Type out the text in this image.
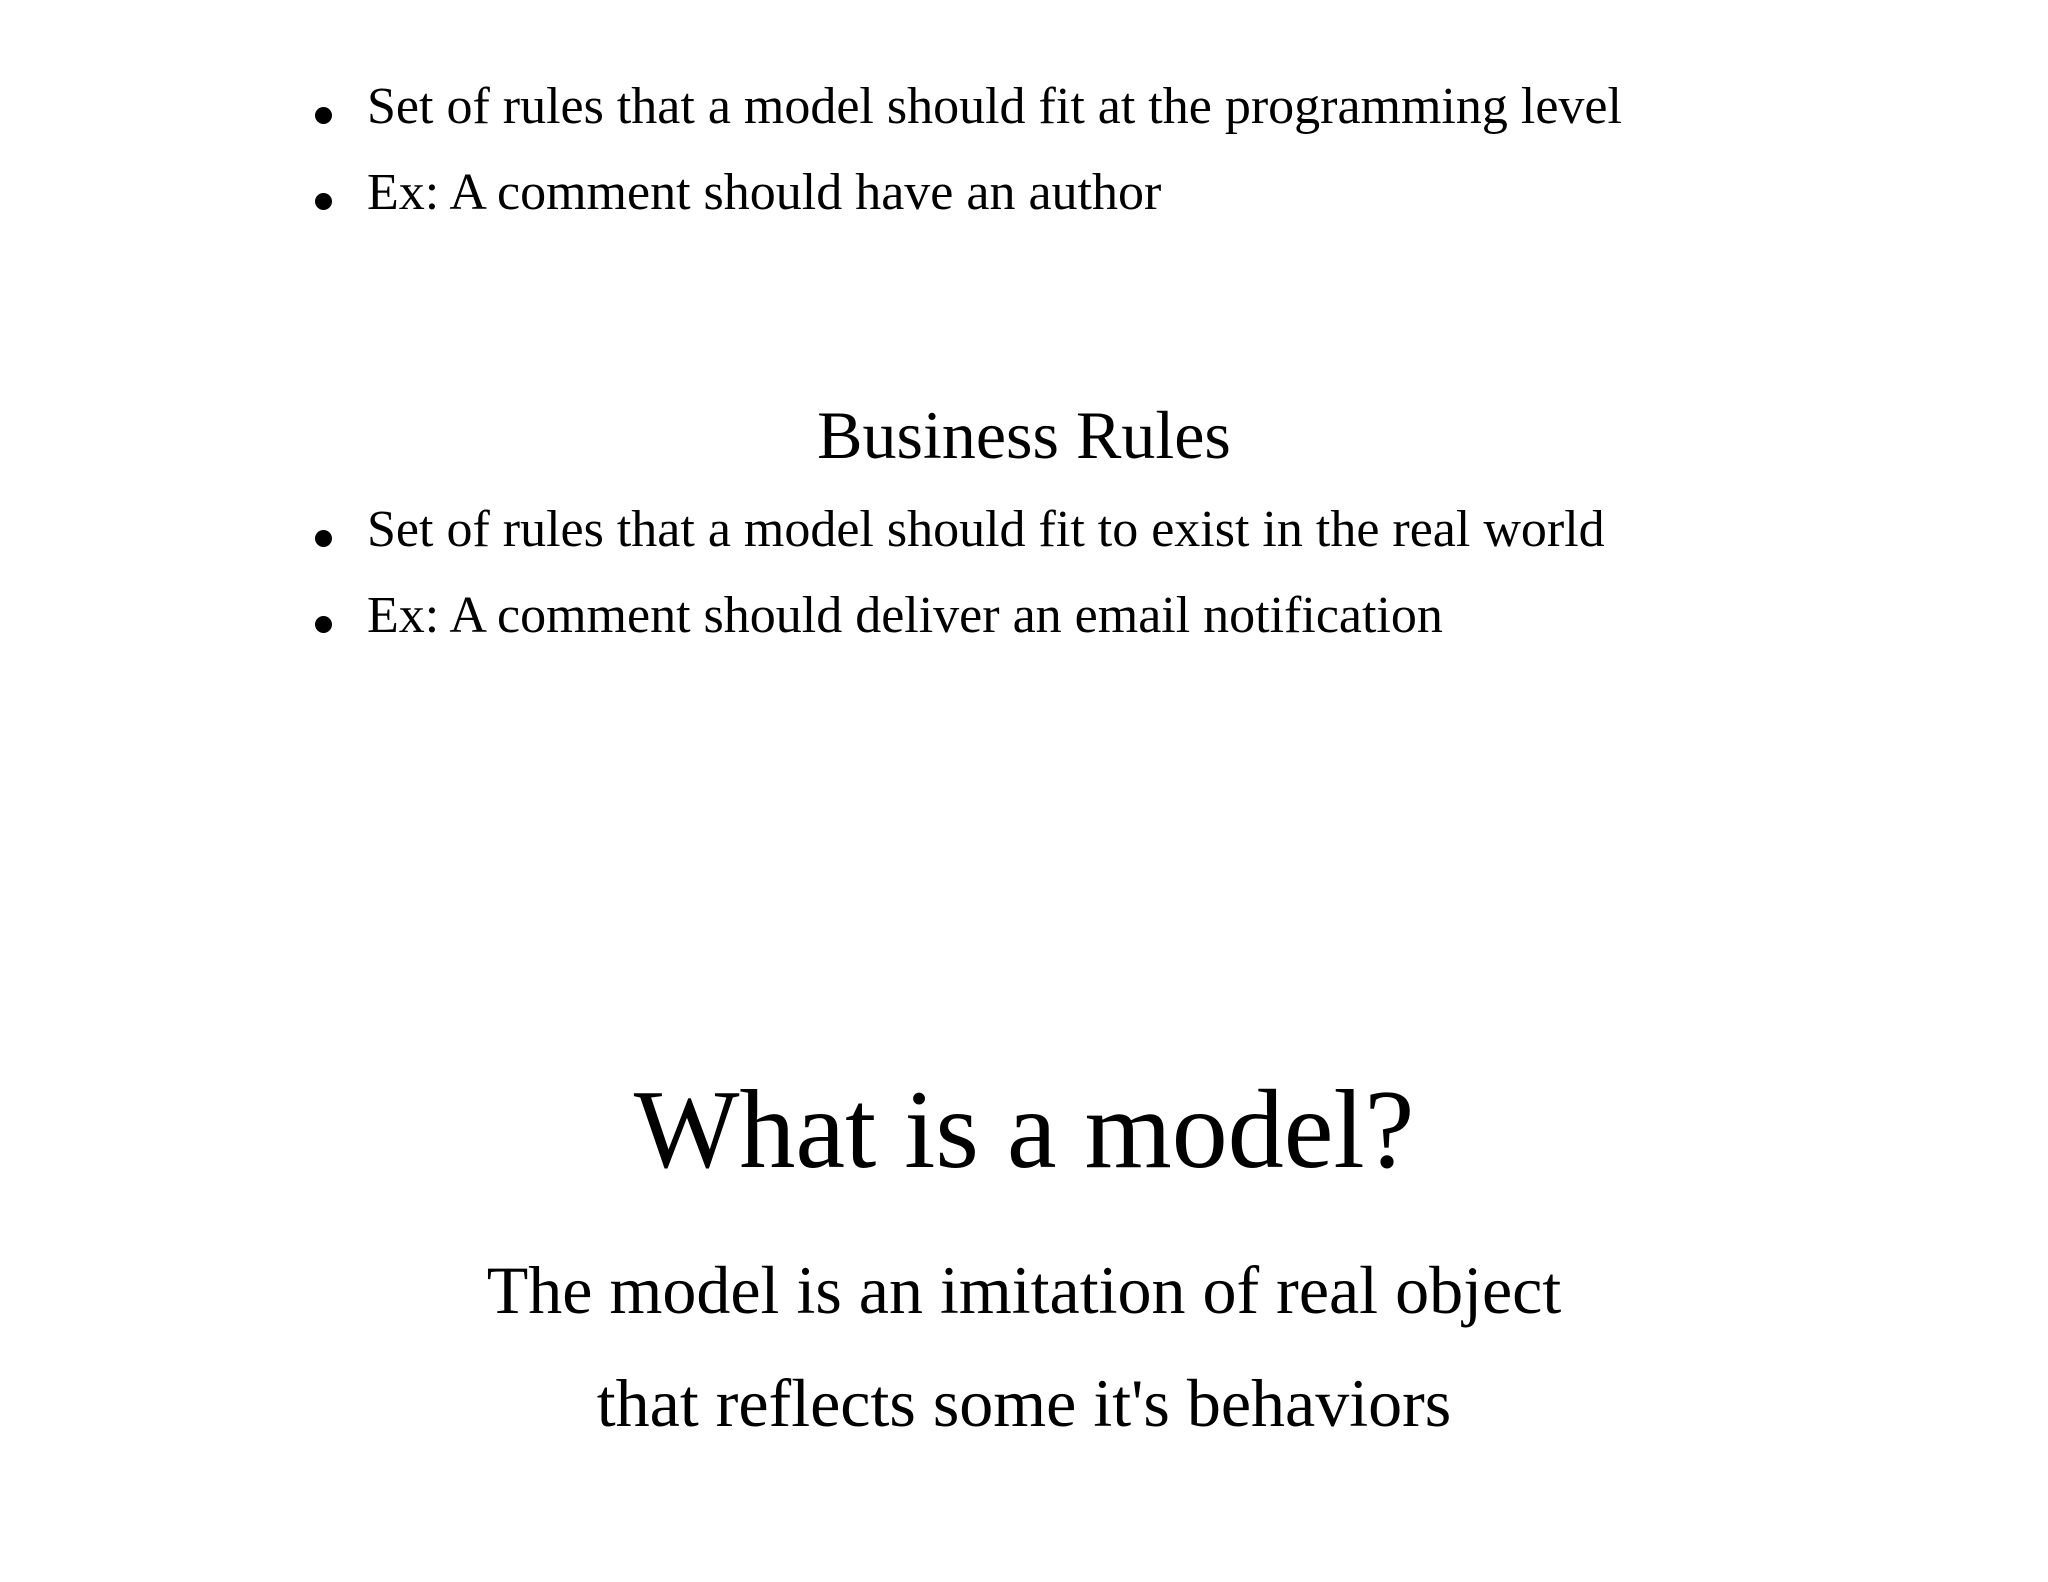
Set of rules that a model should fit at the programming level
Ex: A comment should have an author
Business Rules
Set of rules that a model should fit to exist in the real world
Ex: A comment should deliver an email notification
What is a model?
The model is an imitation of real object
that reflects some it's behaviors
